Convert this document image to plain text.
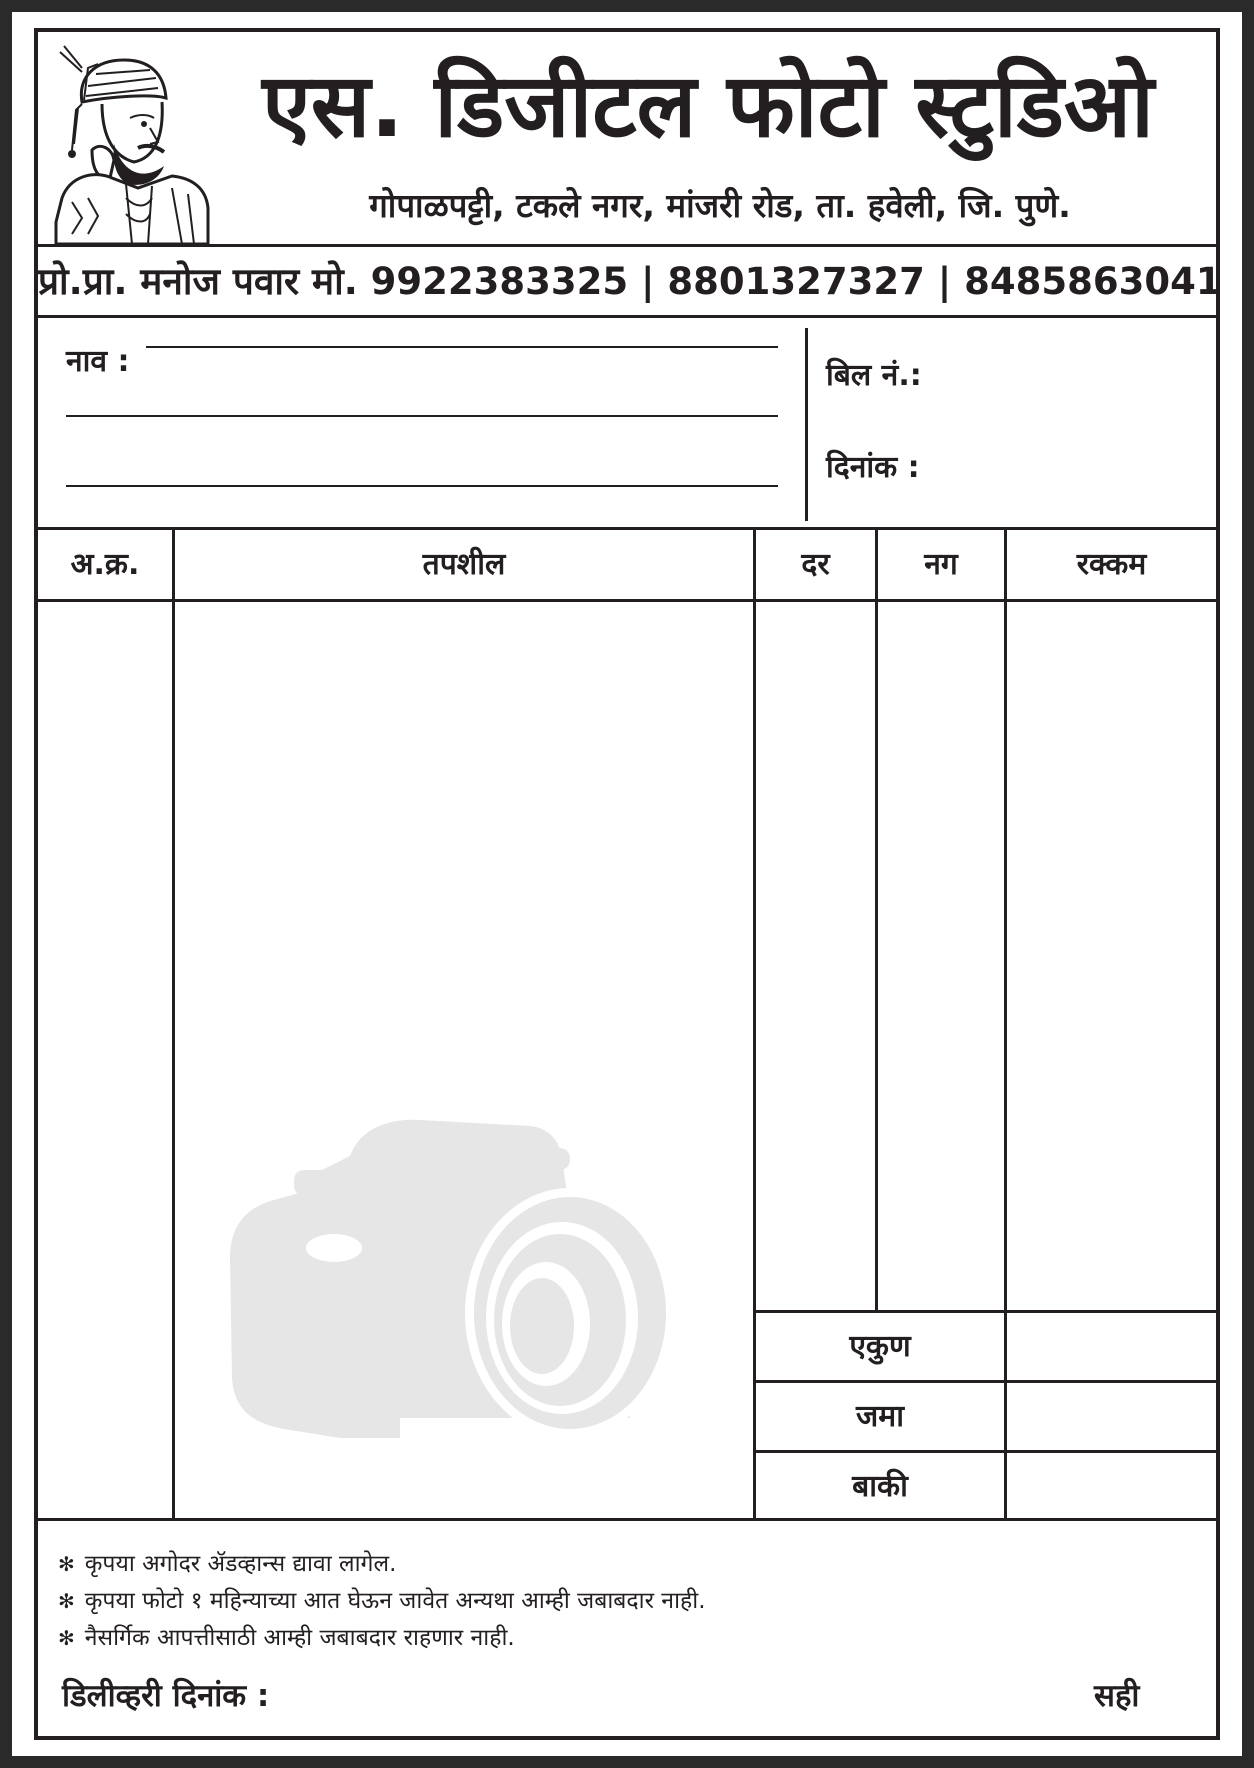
एस. डिजीटल फोटो स्टुडिओ
गोपाळपट्टी, टकले नगर, मांजरी रोड, ता. हवेली, जि. पुणे.
प्रो.प्रा. मनोज पवार मो. 9922383325 | 8801327327 | 8485863041
नाव :	बिल नं.:
दिनांक :
अ.क्र.	तपशील	दर	नग	रक्कम
एकुण
जमा
बाकी
✻ कृपया अगोदर ॲडव्हान्स द्यावा लागेल.
✻ कृपया फोटो १ महिन्याच्या आत घेऊन जावेत अन्यथा आम्ही जबाबदार नाही.
✻ नैसर्गिक आपत्तीसाठी आम्ही जबाबदार राहणार नाही.
डिलीव्हरी दिनांक :	सही
